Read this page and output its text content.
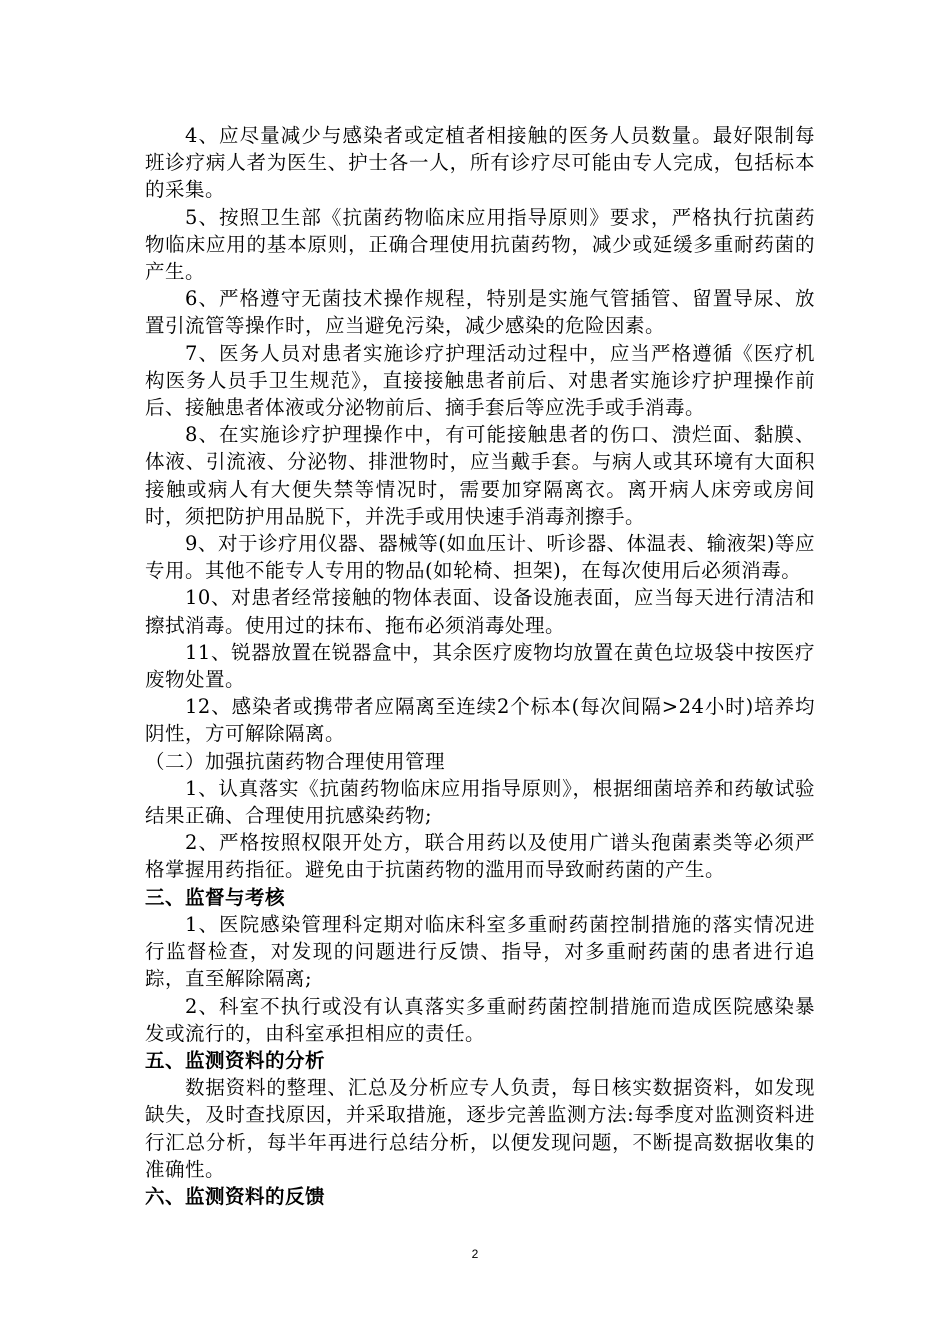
4、应尽量减少与感染者或定植者相接触的医务人员数量。最好限制每班诊疗病人者为医生、护士各一人，所有诊疗尽可能由专人完成，包括标本的采集。

5、按照卫生部《抗菌药物临床应用指导原则》要求，严格执行抗菌药物临床应用的基本原则，正确合理使用抗菌药物，减少或延缓多重耐药菌的产生。

6、严格遵守无菌技术操作规程，特别是实施气管插管、留置导尿、放置引流管等操作时，应当避免污染，减少感染的危险因素。

7、医务人员对患者实施诊疗护理活动过程中，应当严格遵循《医疗机构医务人员手卫生规范》，直接接触患者前后、对患者实施诊疗护理操作前后、接触患者体液或分泌物前后、摘手套后等应洗手或手消毒。

8、在实施诊疗护理操作中，有可能接触患者的伤口、溃烂面、黏膜、体液、引流液、分泌物、排泄物时，应当戴手套。与病人或其环境有大面积接触或病人有大便失禁等情况时，需要加穿隔离衣。离开病人床旁或房间时，须把防护用品脱下，并洗手或用快速手消毒剂擦手。

9、对于诊疗用仪器、器械等(如血压计、听诊器、体温表、输液架)等应专用。其他不能专人专用的物品(如轮椅、担架)，在每次使用后必须消毒。

10、对患者经常接触的物体表面、设备设施表面，应当每天进行清洁和擦拭消毒。使用过的抹布、拖布必须消毒处理。

11、锐器放置在锐器盒中，其余医疗废物均放置在黄色垃圾袋中按医疗废物处置。

12、感染者或携带者应隔离至连续2个标本(每次间隔>24小时)培养均阴性，方可解除隔离。

（二）加强抗菌药物合理使用管理

1、认真落实《抗菌药物临床应用指导原则》，根据细菌培养和药敏试验结果正确、合理使用抗感染药物;

2、严格按照权限开处方，联合用药以及使用广谱头孢菌素类等必须严格掌握用药指征。避免由于抗菌药物的滥用而导致耐药菌的产生。

三、监督与考核

1、医院感染管理科定期对临床科室多重耐药菌控制措施的落实情况进行监督检查，对发现的问题进行反馈、指导，对多重耐药菌的患者进行追踪，直至解除隔离;

2、科室不执行或没有认真落实多重耐药菌控制措施而造成医院感染暴发或流行的，由科室承担相应的责任。

五、监测资料的分析

数据资料的整理、汇总及分析应专人负责，每日核实数据资料，如发现缺失，及时查找原因，并采取措施，逐步完善监测方法:每季度对监测资料进行汇总分析，每半年再进行总结分析，以便发现问题，不断提高数据收集的准确性。

六、监测资料的反馈

2
